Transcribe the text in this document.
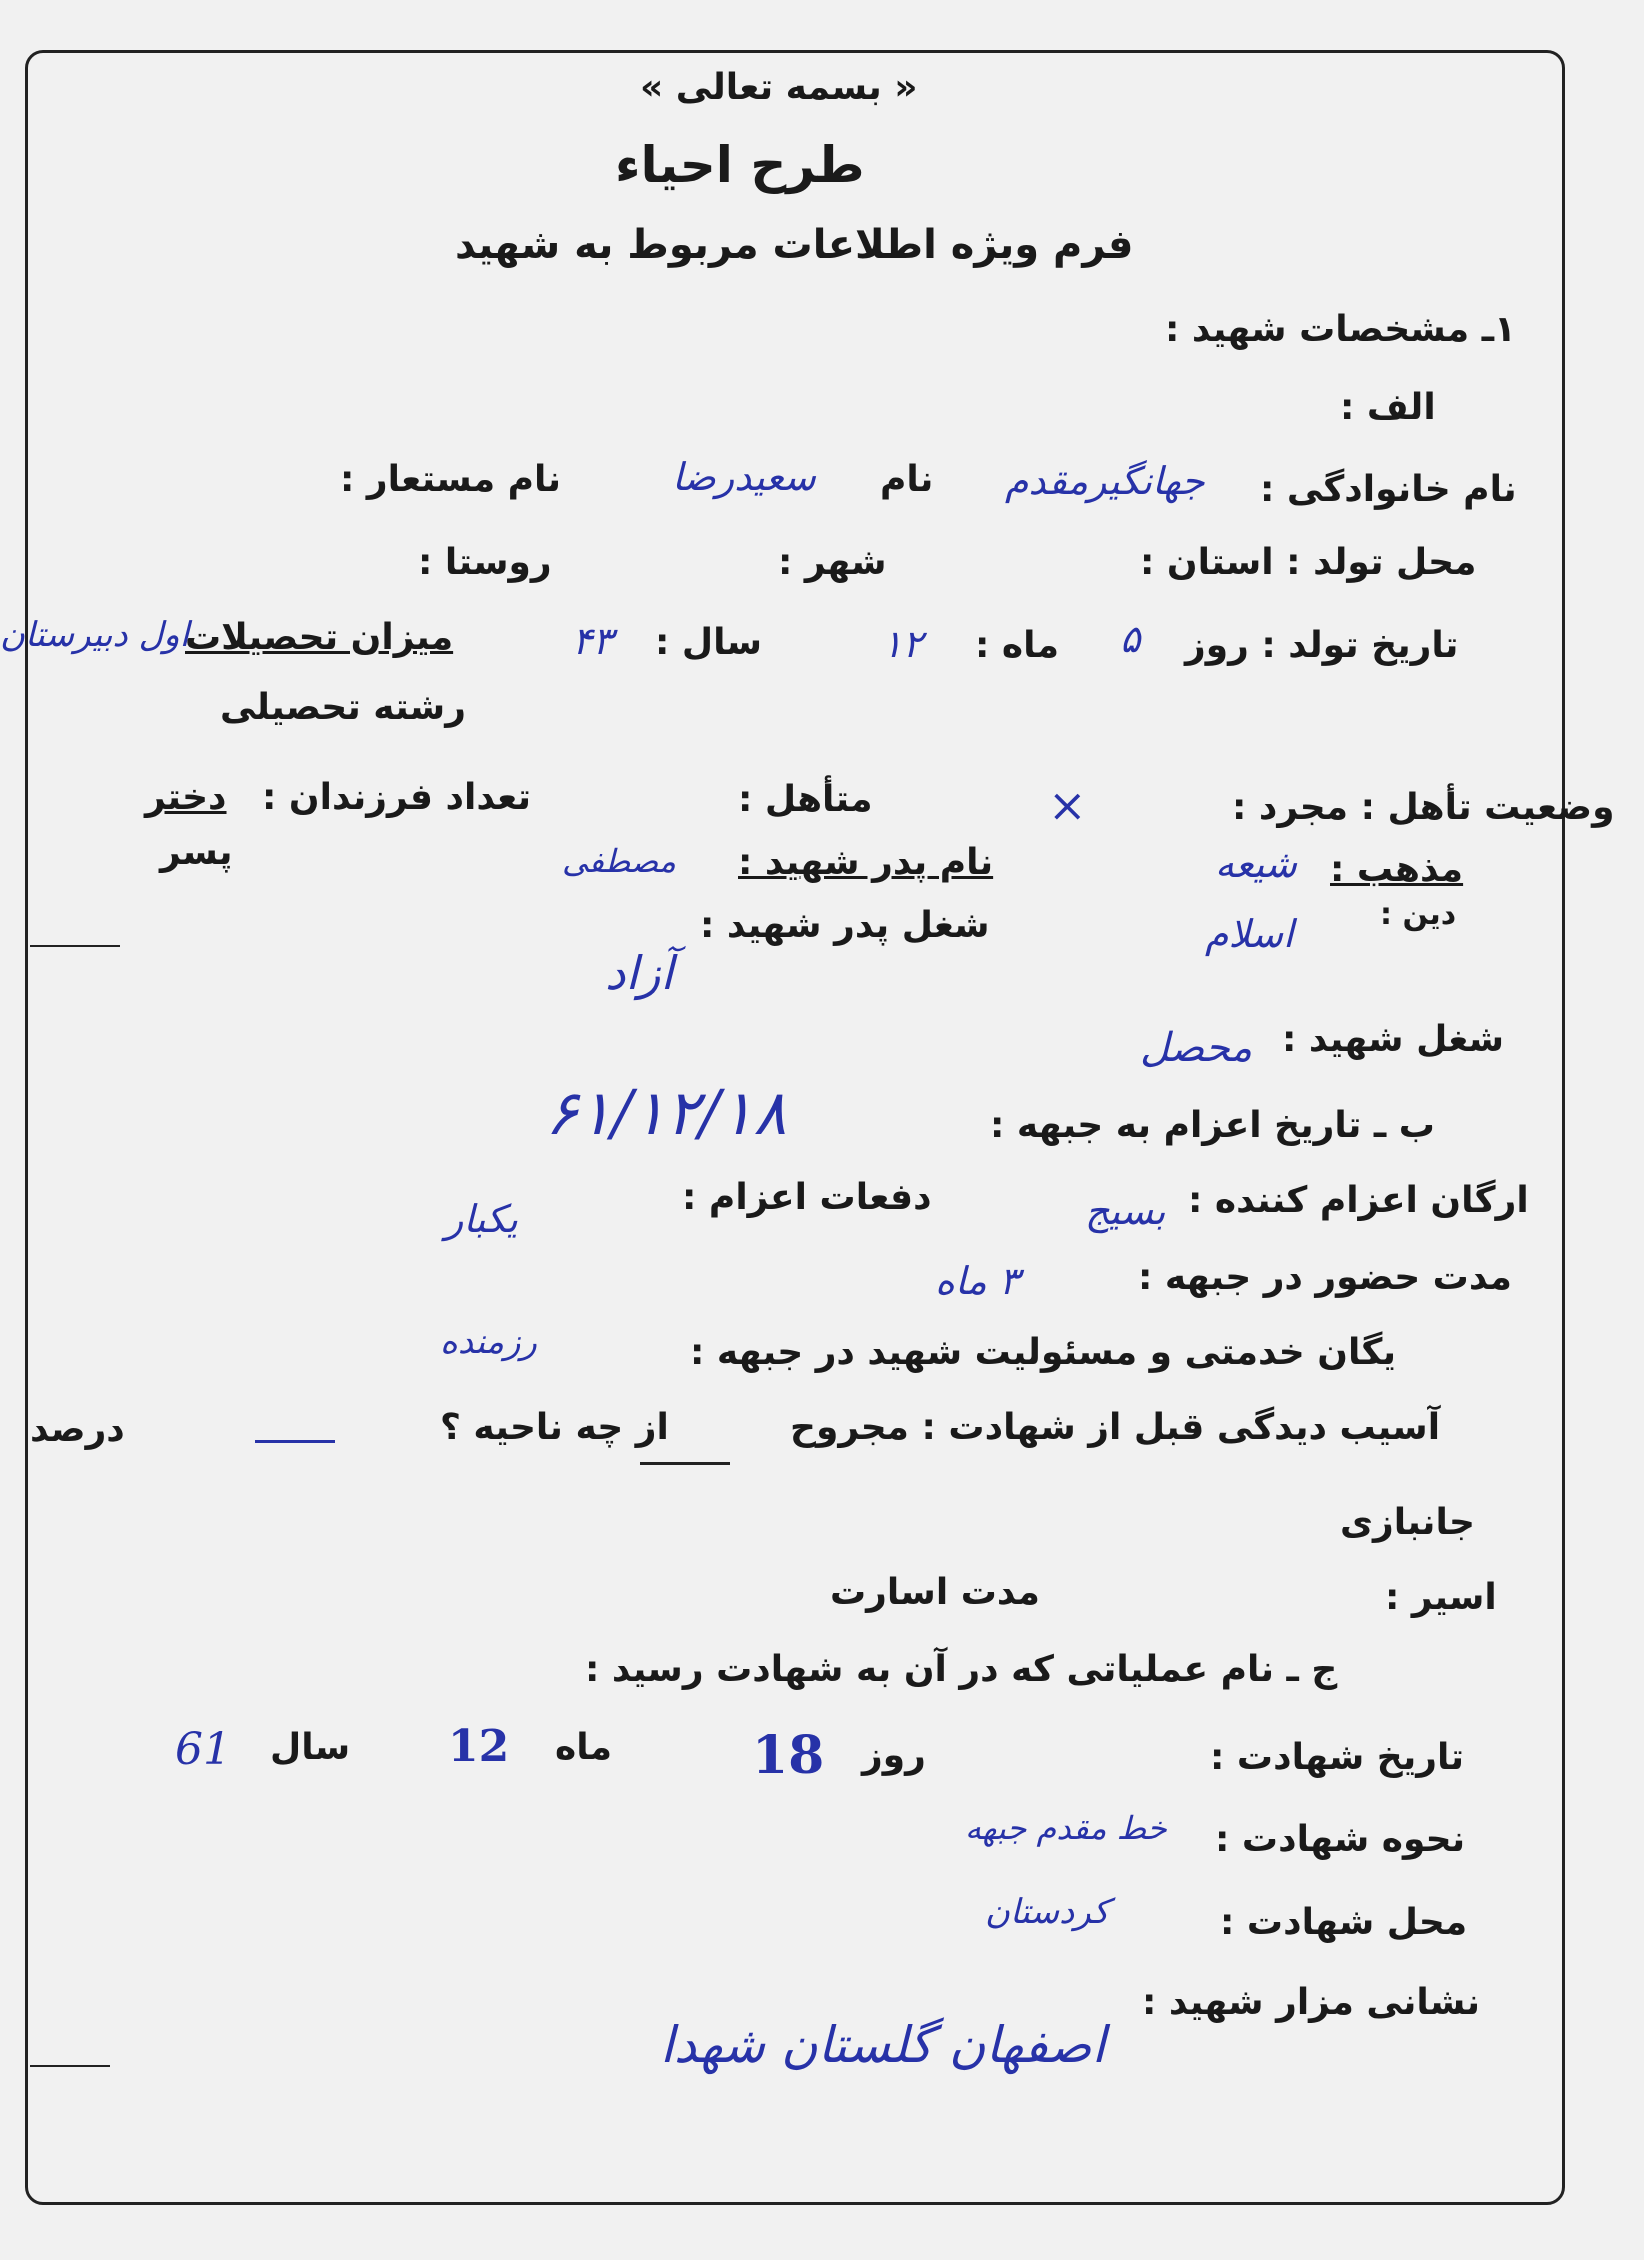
« بسمه تعالی »
طرح احیاء
فرم ویژه اطلاعات مربوط به شهید
۱ـ مشخصات شهید :
الف :
نام خانوادگی :
جهانگیرمقدم
نام
سعیدرضا
نام مستعار :
محل تولد : استان :
شهر :
روستا :
تاریخ تولد : روز
۵
ماه :
۱۲
سال :
۴۳
میزان تحصیلات
اول دبیرستان
رشته تحصیلی
وضعیت تأهل : مجرد :
×
متأهل :
تعداد فرزندان :
دختر
پسر	مذهب :
شیعه
دین :
اسلام
نام پدر شهید :
مصطفی
شغل پدر شهید :
آزاد
شغل شهید :
محصل
ب ـ تاریخ اعزام به جبهه :
۶۱/۱۲/۱۸
ارگان اعزام کننده :
بسیج
دفعات اعزام :
یکبار
مدت حضور در جبهه :
۳ ماه
یگان خدمتی و مسئولیت شهید در جبهه :
رزمنده
آسیب دیدگی قبل از شهادت : مجروح
از چه ناحیه ؟
درصد
جانبازی
اسیر :
مدت اسارت
ج ـ نام عملیاتی که در آن به شهادت رسید :
تاریخ شهادت :
روز
18
ماه
12
سال
61
نحوه شهادت :
خط مقدم جبهه
محل شهادت :
کردستان
نشانی مزار شهید :
اصفهان گلستان شهدا
